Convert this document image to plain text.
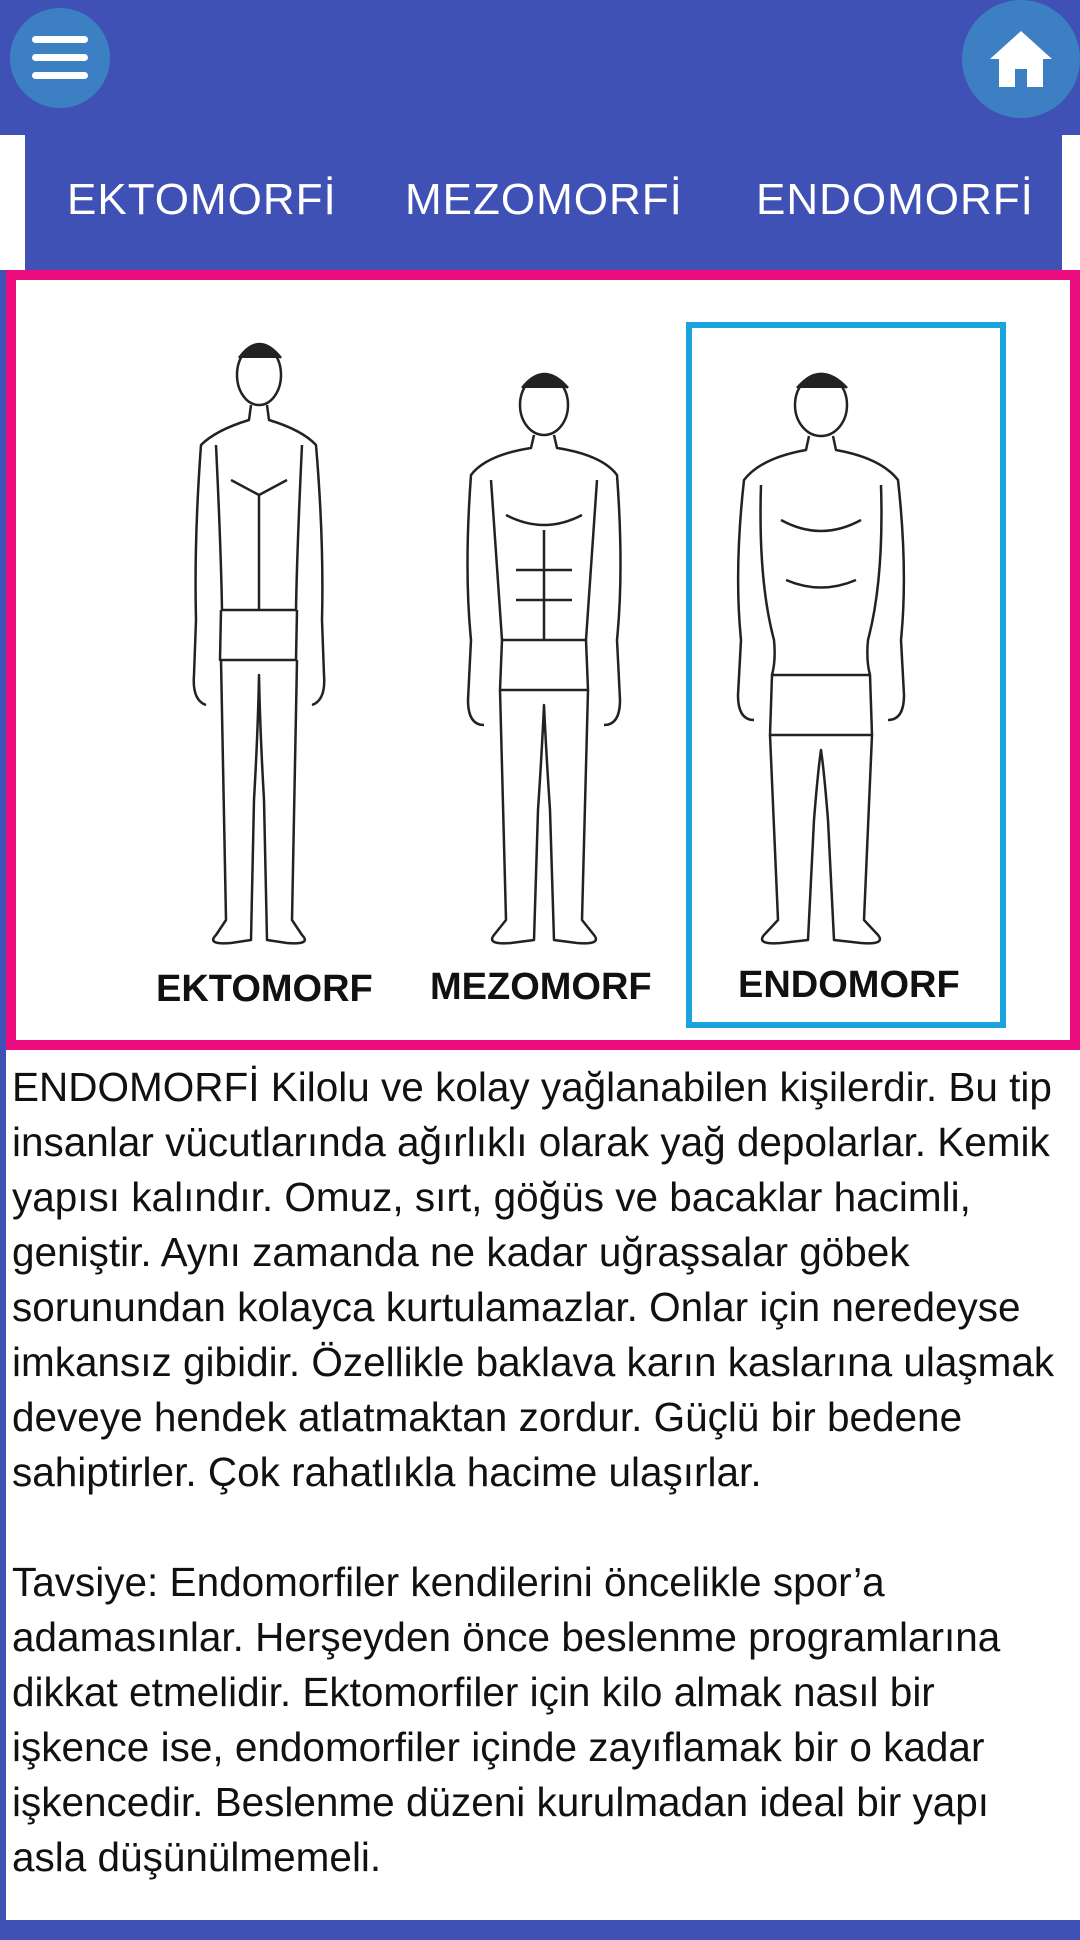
EKTOMORFİ MEZOMORFİ ENDOMORFİ
EKTOMORF MEZOMORF ENDOMORF

ENDOMORFİ Kilolu ve kolay yağlanabilen kişilerdir. Bu tip insanlar vücutlarında ağırlıklı olarak yağ depolarlar. Kemik yapısı kalındır. Omuz, sırt, göğüs ve bacaklar hacimli, geniştir. Aynı zamanda ne kadar uğraşsalar göbek sorunundan kolayca kurtulamazlar. Onlar için neredeyse imkansız gibidir. Özellikle baklava karın kaslarına ulaşmak deveye hendek atlatmaktan zordur. Güçlü bir bedene sahiptirler. Çok rahatlıkla hacime ulaşırlar.

Tavsiye: Endomorfiler kendilerini öncelikle spor’a adamasınlar. Herşeyden önce beslenme programlarına dikkat etmelidir. Ektomorfiler için kilo almak nasıl bir işkence ise, endomorfiler içinde zayıflamak bir o kadar işkencedir. Beslenme düzeni kurulmadan ideal bir yapı asla düşünülmemeli.
